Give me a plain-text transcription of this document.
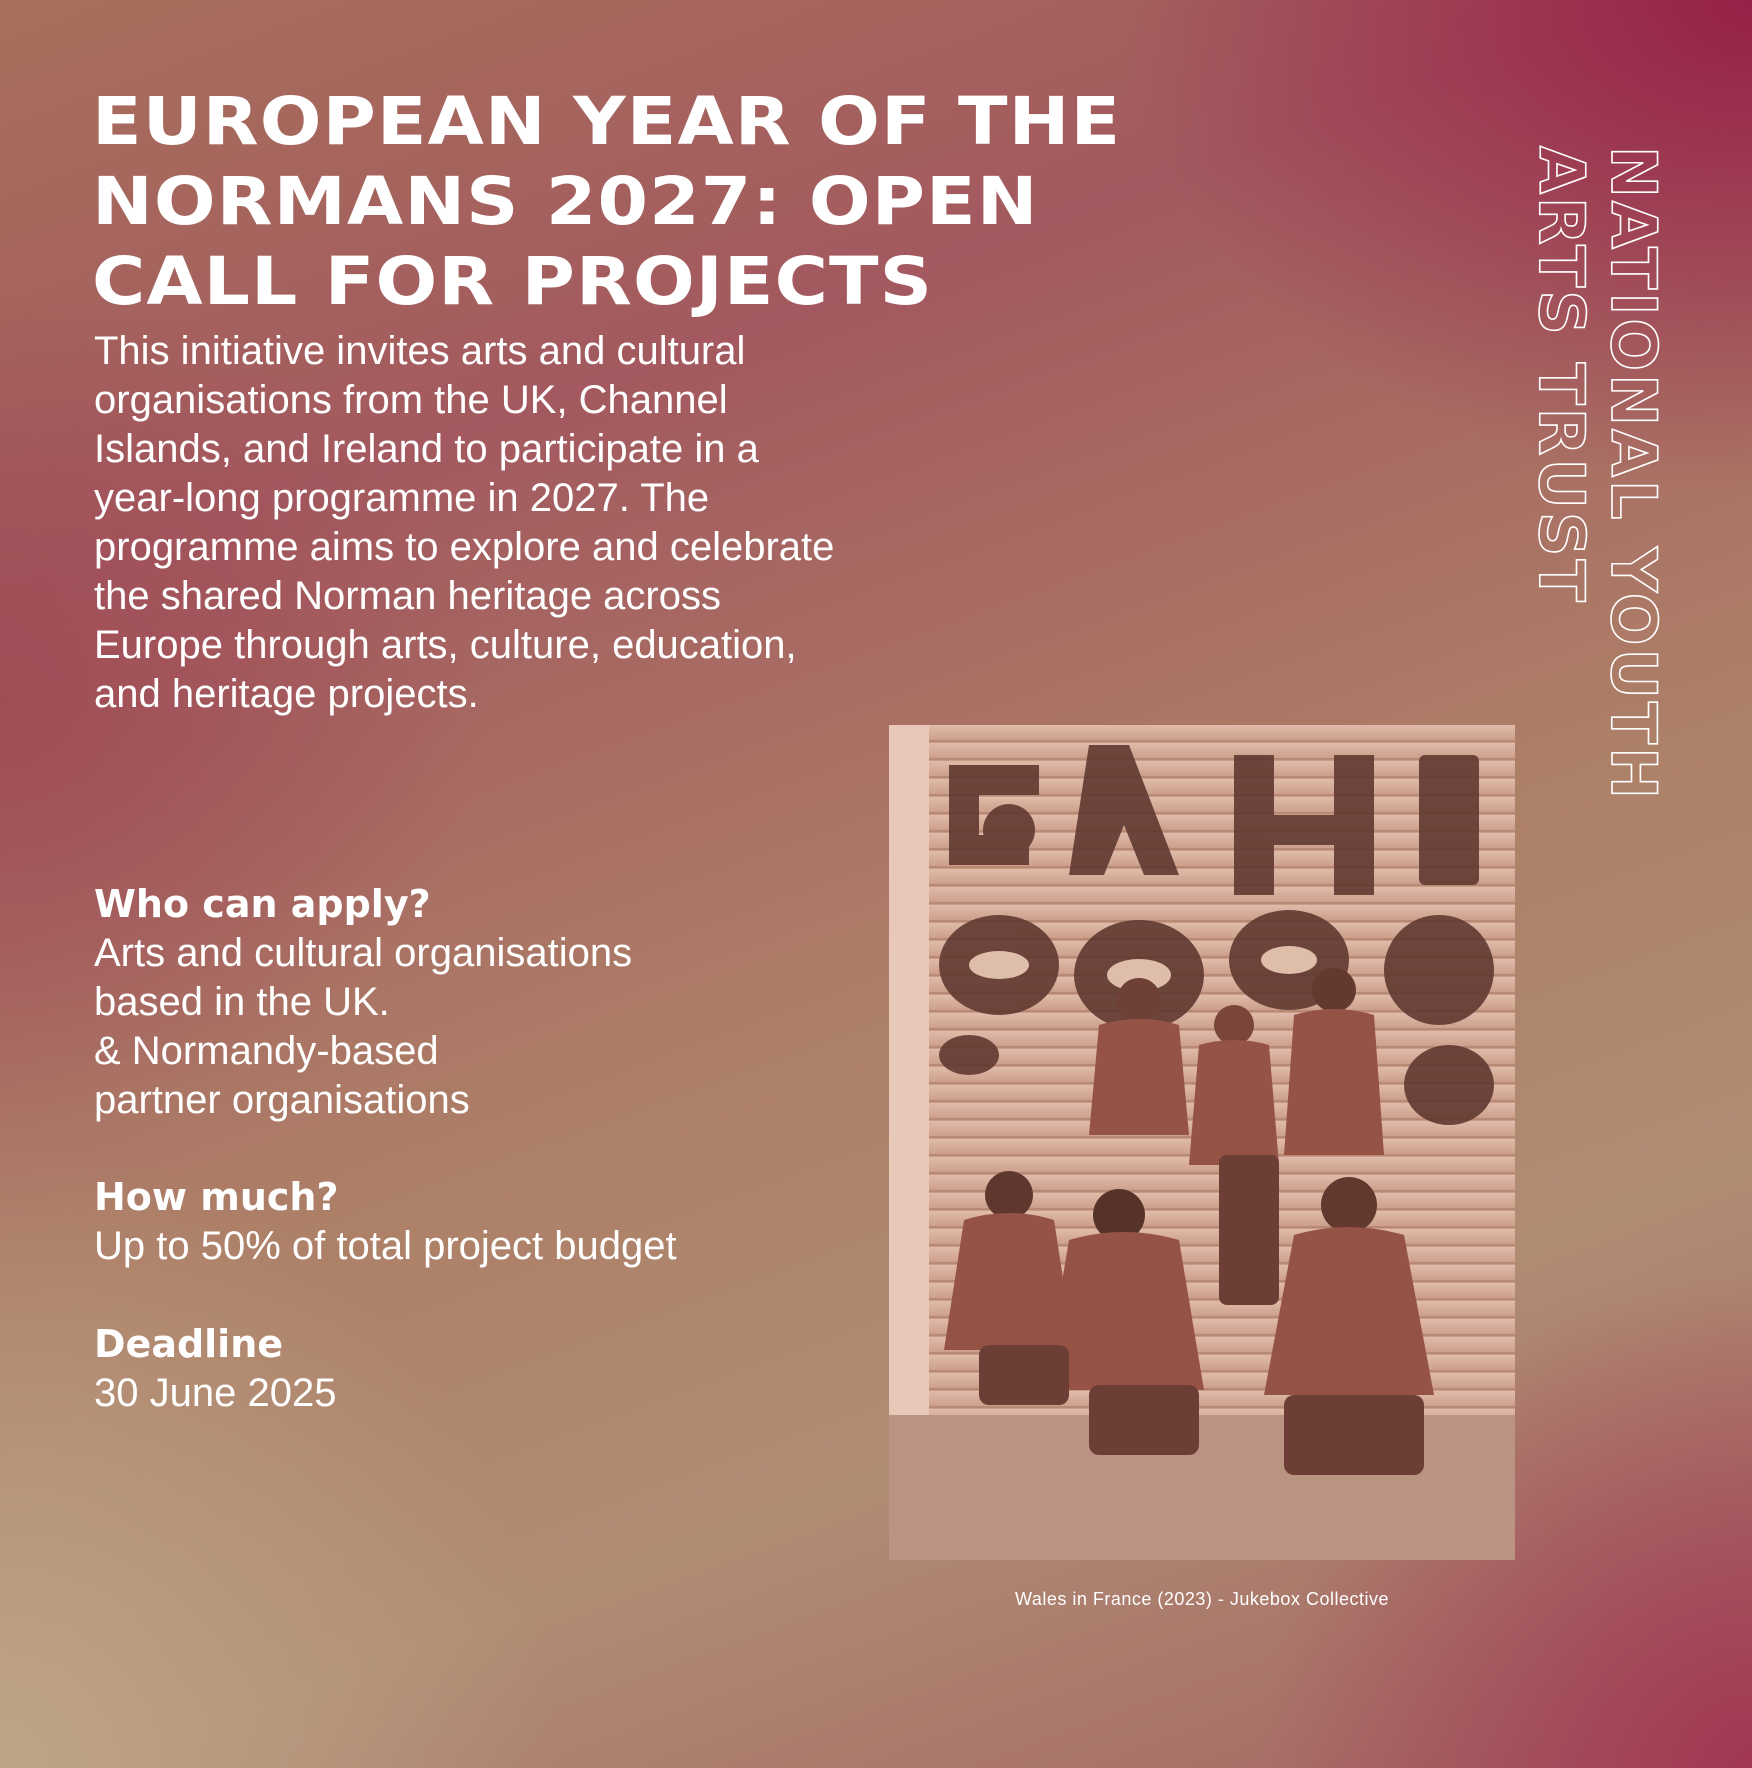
EUROPEAN YEAR OF THE
NORMANS 2027: OPEN
CALL FOR PROJECTS

This initiative invites arts and cultural
organisations from the UK, Channel
Islands, and Ireland to participate in a
year-long programme in 2027. The
programme aims to explore and celebrate
the shared Norman heritage across
Europe through arts, culture, education,
and heritage projects.

Who can apply?
Arts and cultural organisations
based in the UK.
& Normandy-based
partner organisations
How much?
Up to 50% of total project budget
Deadline
30 June 2025
Wales in France (2023) - Jukebox Collective
NATIONAL YOUTH
ARTS TRUST
